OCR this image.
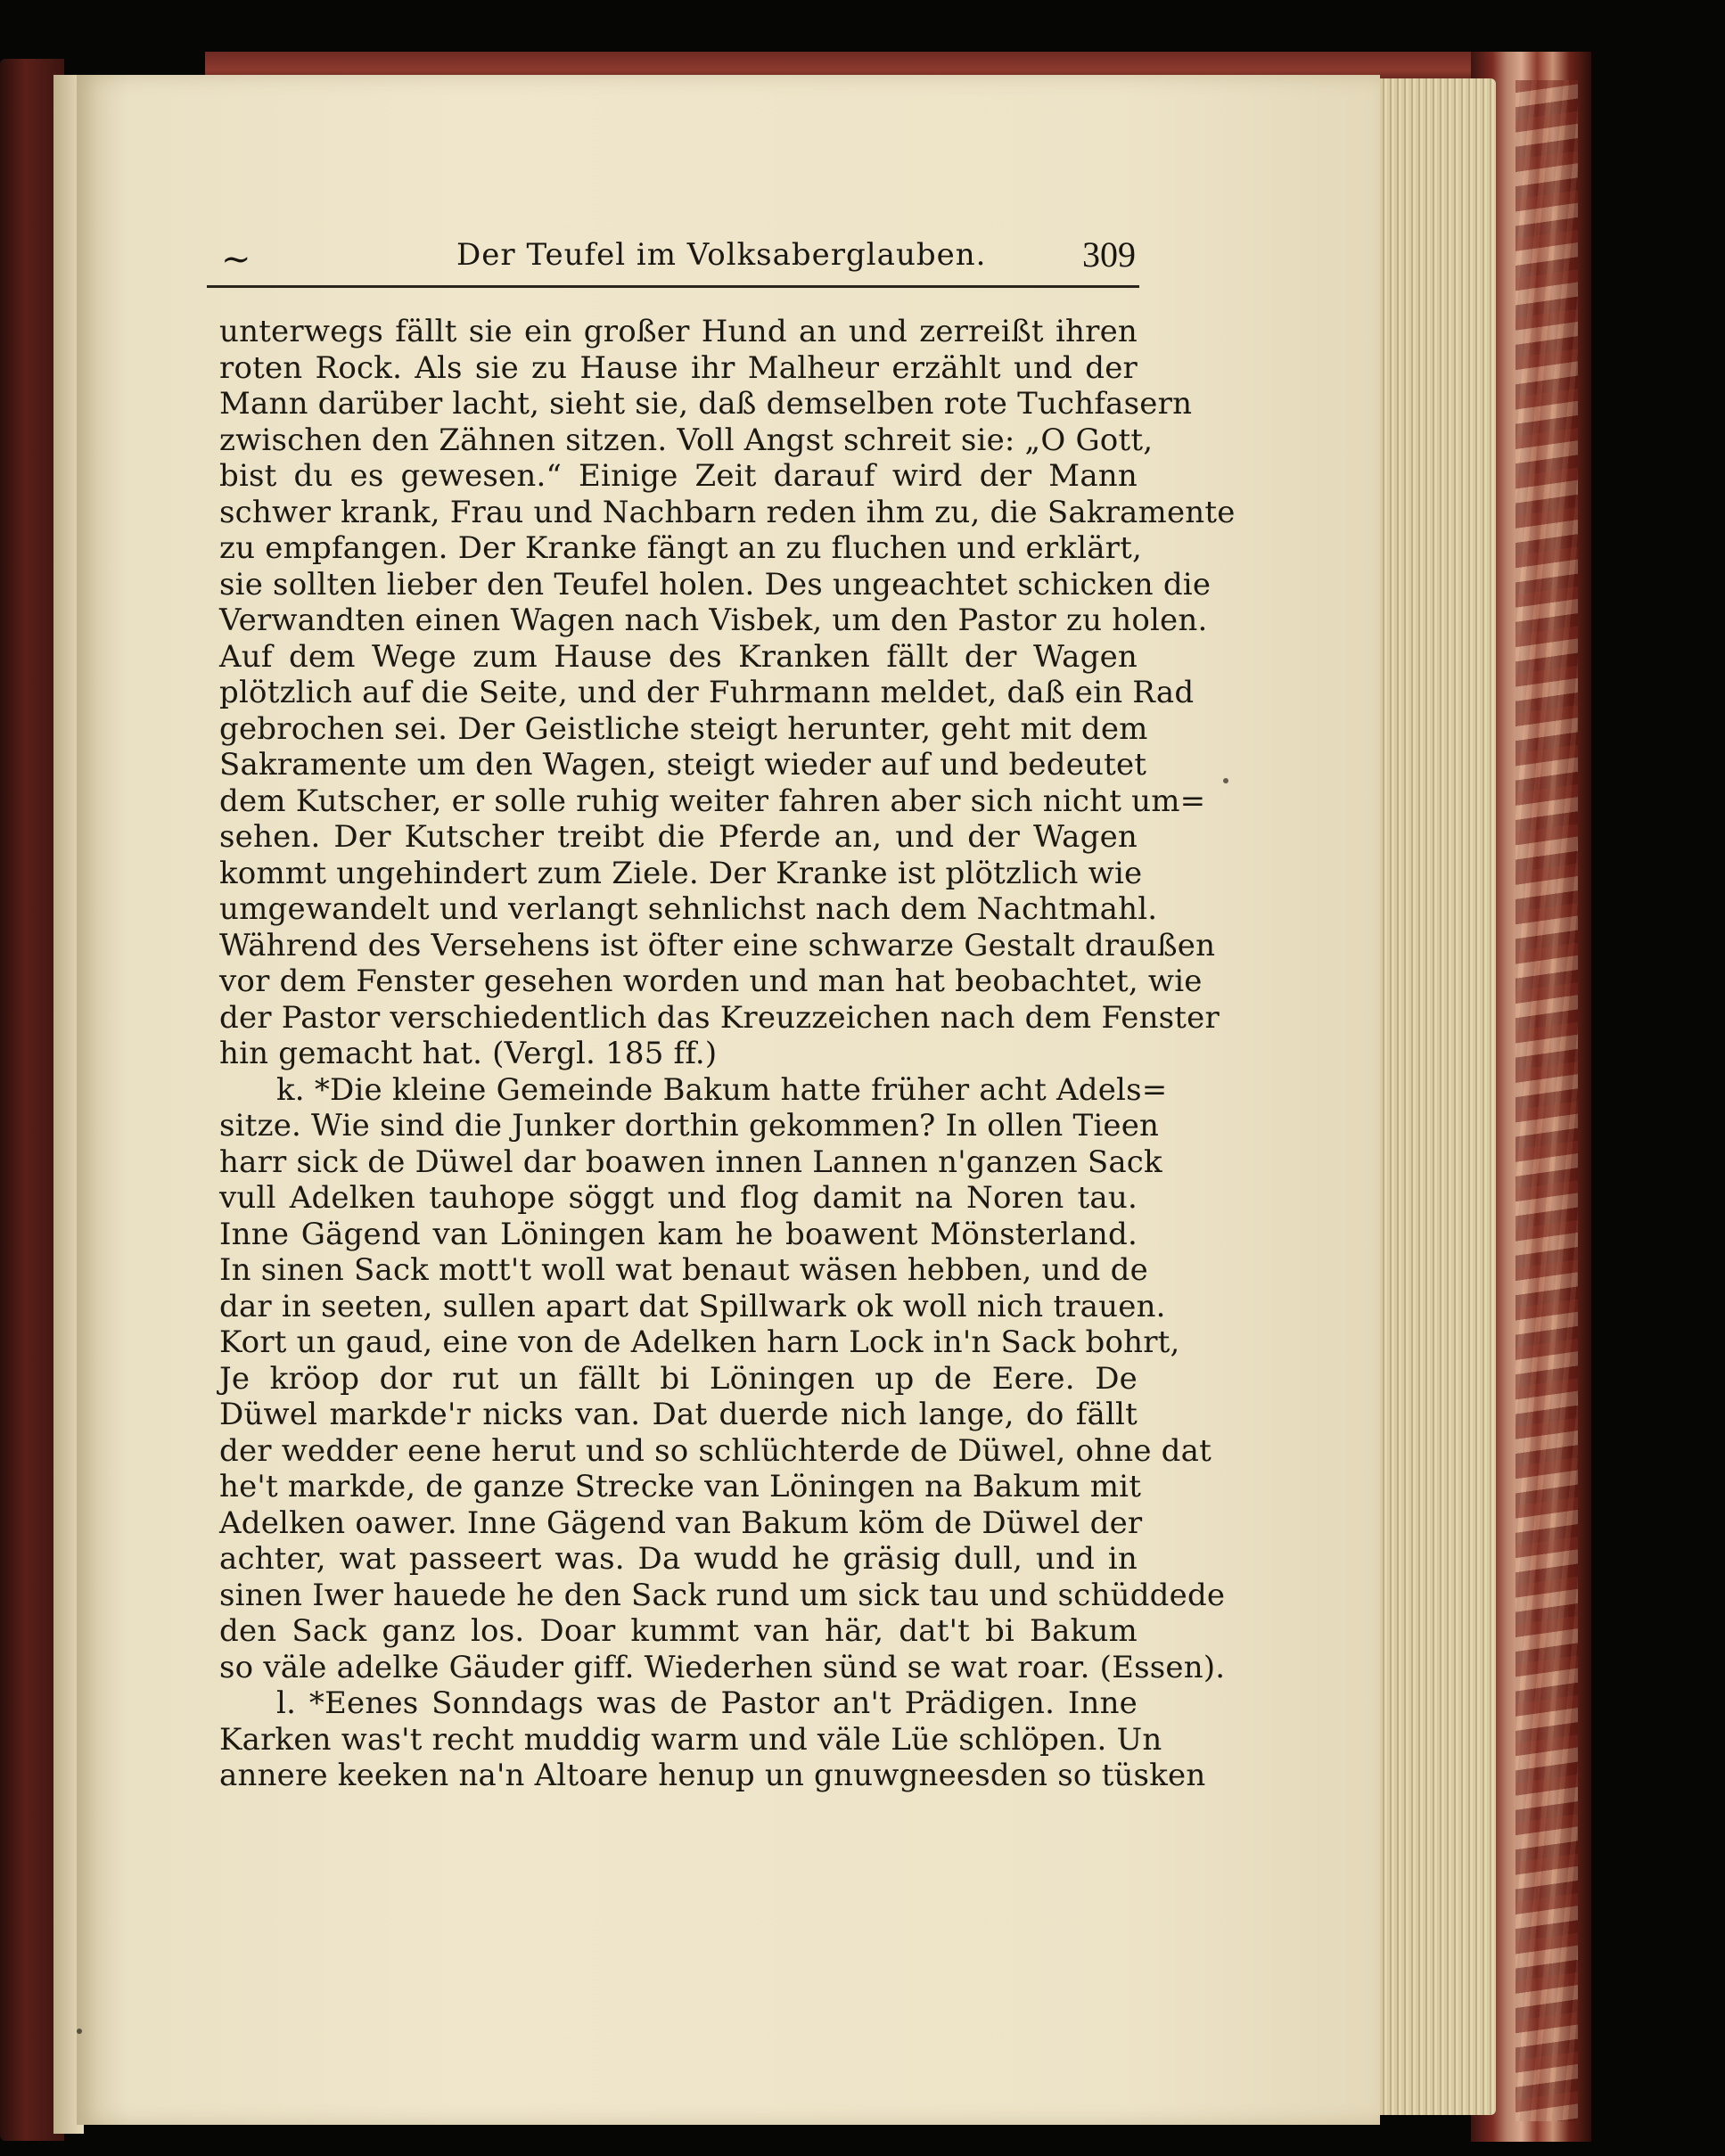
~	Der Teufel im Volksaberglauben.	309
unterwegs fällt sie ein großer Hund an und zerreißt ihren
roten Rock. Als sie zu Hause ihr Malheur erzählt und der
Mann darüber lacht, sieht sie, daß demselben rote Tuchfasern
zwischen den Zähnen sitzen. Voll Angst schreit sie: „O Gott,
bist du es gewesen.“ Einige Zeit darauf wird der Mann
schwer krank, Frau und Nachbarn reden ihm zu, die Sakramente
zu empfangen. Der Kranke fängt an zu fluchen und erklärt,
sie sollten lieber den Teufel holen. Des ungeachtet schicken die
Verwandten einen Wagen nach Visbek, um den Pastor zu holen.
Auf dem Wege zum Hause des Kranken fällt der Wagen
plötzlich auf die Seite, und der Fuhrmann meldet, daß ein Rad
gebrochen sei. Der Geistliche steigt herunter, geht mit dem
Sakramente um den Wagen, steigt wieder auf und bedeutet
dem Kutscher, er solle ruhig weiter fahren aber sich nicht um=
sehen. Der Kutscher treibt die Pferde an, und der Wagen
kommt ungehindert zum Ziele. Der Kranke ist plötzlich wie
umgewandelt und verlangt sehnlichst nach dem Nachtmahl.
Während des Versehens ist öfter eine schwarze Gestalt draußen
vor dem Fenster gesehen worden und man hat beobachtet, wie
der Pastor verschiedentlich das Kreuzzeichen nach dem Fenster
hin gemacht hat. (Vergl. 185 ff.)
k. *Die kleine Gemeinde Bakum hatte früher acht Adels=
sitze. Wie sind die Junker dorthin gekommen? In ollen Tieen
harr sick de Düwel dar boawen innen Lannen n'ganzen Sack
vull Adelken tauhope söggt und flog damit na Noren tau.
Inne Gägend van Löningen kam he boawent Mönsterland.
In sinen Sack mott't woll wat benaut wäsen hebben, und de
dar in seeten, sullen apart dat Spillwark ok woll nich trauen.
Kort un gaud, eine von de Adelken harn Lock in'n Sack bohrt,
Je kröop dor rut un fällt bi Löningen up de Eere. De
Düwel markde'r nicks van. Dat duerde nich lange, do fällt
der wedder eene herut und so schlüchterde de Düwel, ohne dat
he't markde, de ganze Strecke van Löningen na Bakum mit
Adelken oawer. Inne Gägend van Bakum köm de Düwel der
achter, wat passeert was. Da wudd he gräsig dull, und in
sinen Iwer hauede he den Sack rund um sick tau und schüddede
den Sack ganz los. Doar kummt van här, dat't bi Bakum
so väle adelke Gäuder giff. Wiederhen sünd se wat roar. (Essen).
l. *Eenes Sonndags was de Pastor an't Prädigen. Inne
Karken was't recht muddig warm und väle Lüe schlöpen. Un
annere keeken na'n Altoare henup un gnuwgneesden so tüsken
